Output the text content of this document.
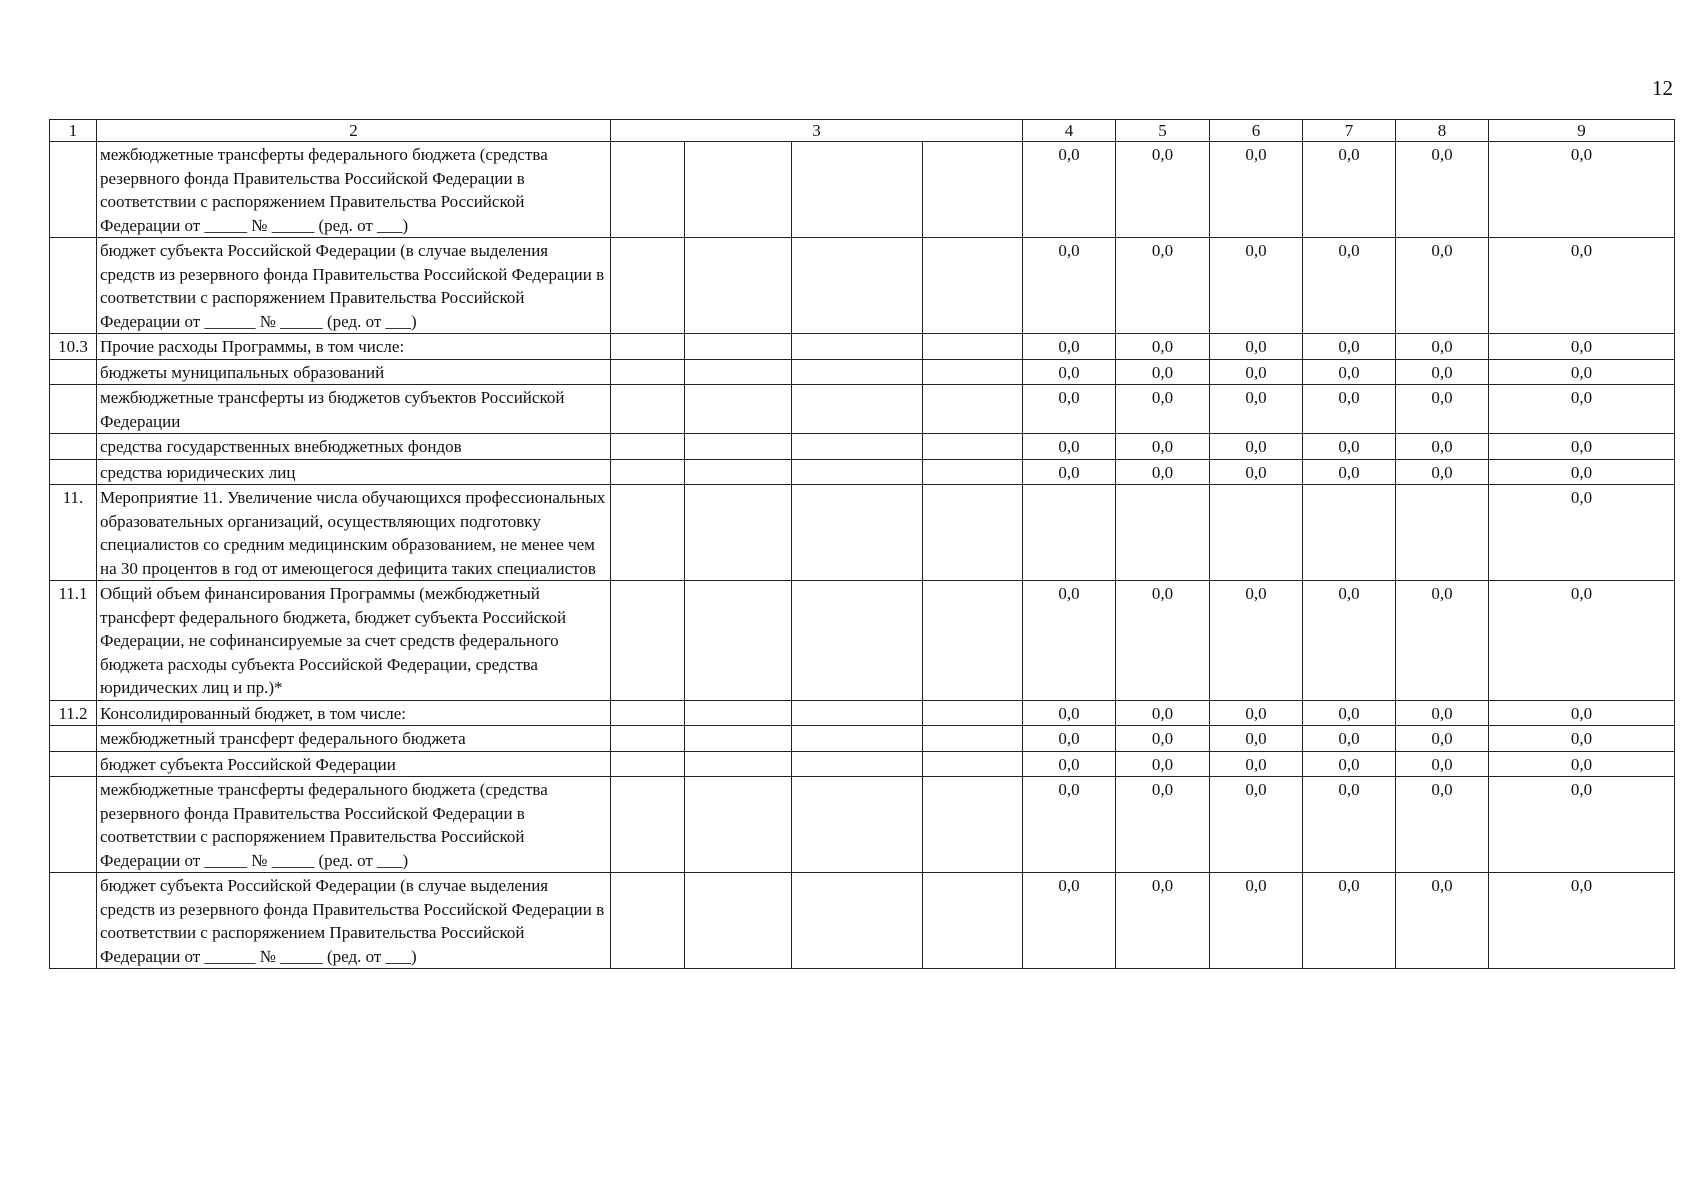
12
1	2	3				4	5	6	7	8	9
	межбюджетные трансферты федерального бюджета (средства резервного фонда Правительства Российской Федерации в соответствии с распоряжением Правительства Российской Федерации от _____ № _____ (ред. от ___)					0,0	0,0	0,0	0,0	0,0	0,0
	бюджет субъекта Российской Федерации (в случае выделения средств из резервного фонда Правительства Российской Федерации в соответствии с распоряжением Правительства Российской Федерации от ______ № _____ (ред. от ___)					0,0	0,0	0,0	0,0	0,0	0,0
10.3	Прочие расходы Программы, в том числе:					0,0	0,0	0,0	0,0	0,0	0,0
	бюджеты муниципальных образований					0,0	0,0	0,0	0,0	0,0	0,0
	межбюджетные трансферты из бюджетов субъектов Российской Федерации					0,0	0,0	0,0	0,0	0,0	0,0
	средства государственных внебюджетных фондов					0,0	0,0	0,0	0,0	0,0	0,0
	средства юридических лиц					0,0	0,0	0,0	0,0	0,0	0,0
11.	Мероприятие 11. Увеличение числа обучающихся профессиональных образовательных организаций, осуществляющих подготовку специалистов со средним медицинским образованием, не менее чем на 30 процентов в год от имеющегося дефицита таких специалистов										0,0
11.1	Общий объем финансирования Программы (межбюджетный трансферт федерального бюджета, бюджет субъекта Российской Федерации, не софинансируемые за счет средств федерального бюджета расходы субъекта Российской Федерации, средства юридических лиц и пр.)*					0,0	0,0	0,0	0,0	0,0	0,0
11.2	Консолидированный бюджет, в том числе:					0,0	0,0	0,0	0,0	0,0	0,0
	межбюджетный трансферт федерального бюджета					0,0	0,0	0,0	0,0	0,0	0,0
	бюджет субъекта Российской Федерации					0,0	0,0	0,0	0,0	0,0	0,0
	межбюджетные трансферты федерального бюджета (средства резервного фонда Правительства Российской Федерации в соответствии с распоряжением Правительства Российской Федерации от _____ № _____ (ред. от ___)					0,0	0,0	0,0	0,0	0,0	0,0
	бюджет субъекта Российской Федерации (в случае выделения средств из резервного фонда Правительства Российской Федерации в соответствии с распоряжением Правительства Российской Федерации от ______ № _____ (ред. от ___)					0,0	0,0	0,0	0,0	0,0	0,0
